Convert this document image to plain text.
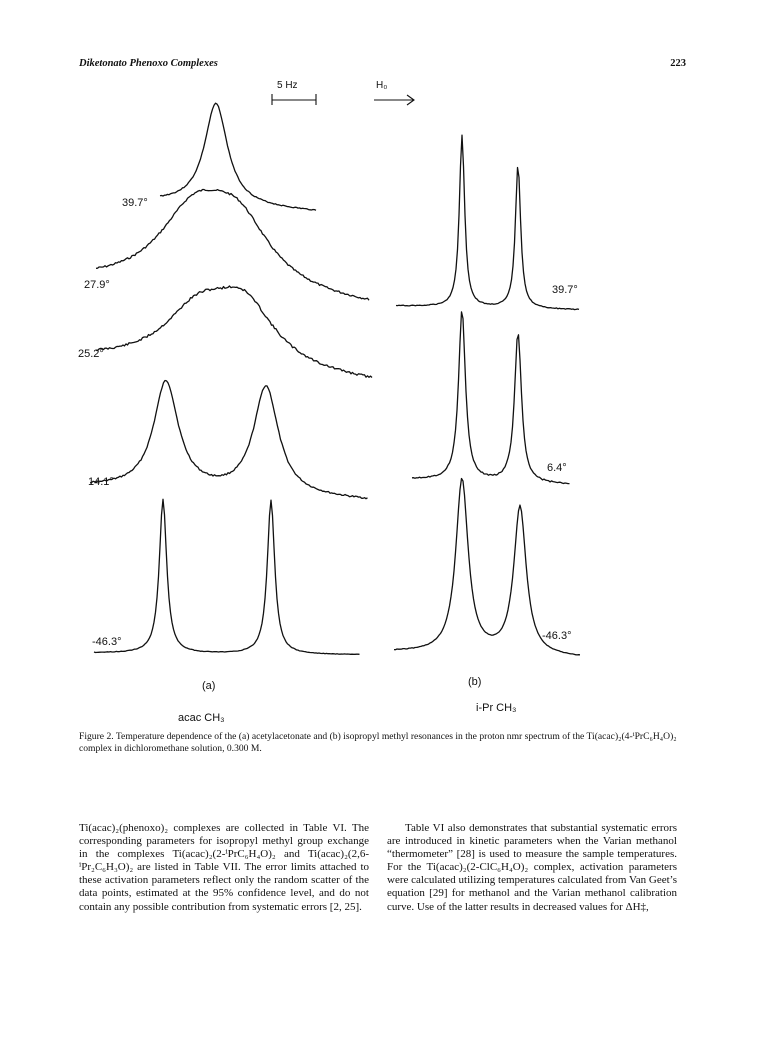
Diketonato Phenoxo Complexes	223
5 Hz	H₀
39.7°
27.9°
25.2°
14.1°
-46.3°
39.7°
6.4°
-46.3°
(a)	(b)
acac CH₃
i-Pr CH₃
Figure 2. Temperature dependence of the (a) acetylacetonate and (b) isopropyl methyl resonances in the proton nmr spectrum of the Ti(acac)₂(4-ⁱPrC₆H₄O)₂ complex in dichloromethane solution, 0.300 M.

Ti(acac)₂(phenoxo)₂ complexes are collected in Table VI. The corresponding parameters for isopropyl methyl group exchange in the complexes Ti(acac)₂(2-ⁱPrC₆H₄O)₂ and Ti(acac)₂(2,6-ⁱPr₂C₆H₃O)₂ are listed in Table VII. The error limits attached to these activation parameters reflect only the random scatter of the data points, estimated at the 95% confidence level, and do not contain any possible contribution from systematic errors [2, 25].

Table VI also demonstrates that substantial systematic errors are introduced in kinetic parameters when the Varian methanol “thermometer” [28] is used to measure the sample temperatures. For the Ti(acac)₂(2-ClC₆H₄O)₂ complex, activation parameters were calculated utilizing temperatures calculated from Van Geet’s equation [29] for methanol and the Varian methanol calibration curve. Use of the latter results in decreased values for ΔH‡,
